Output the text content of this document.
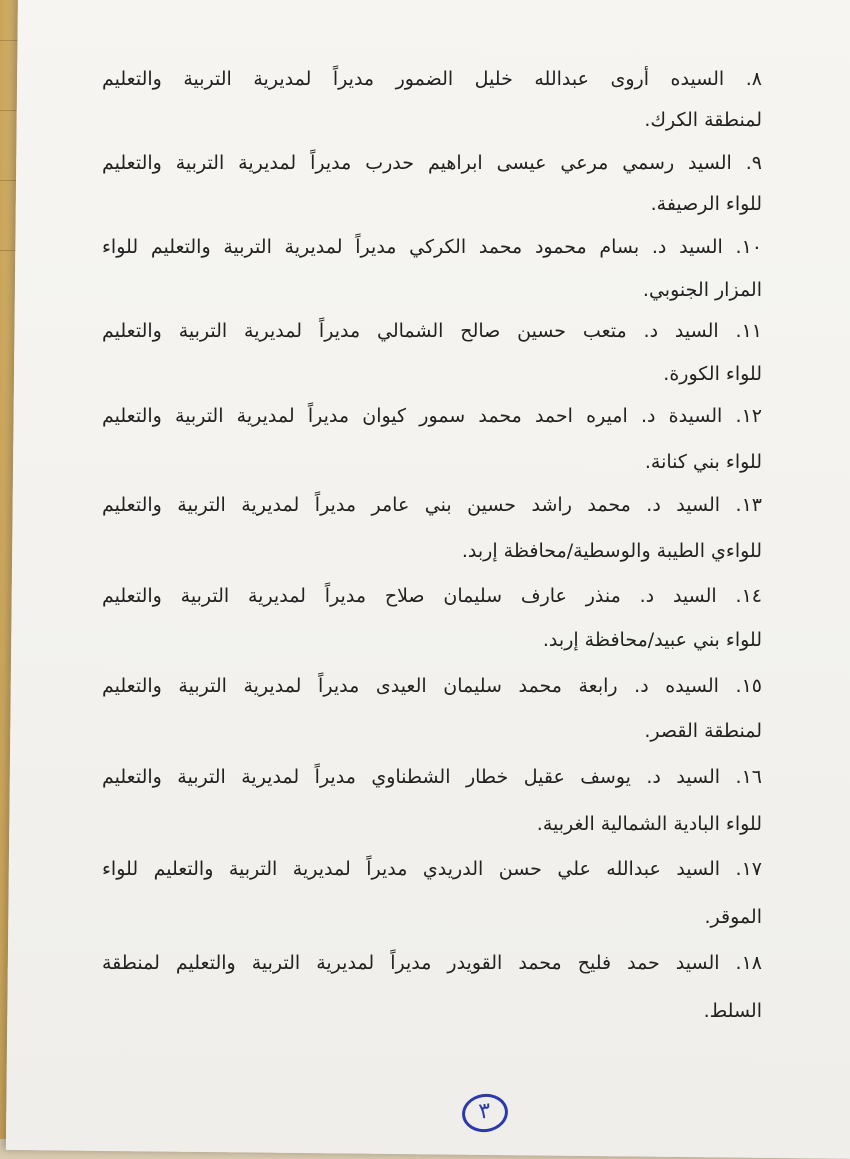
٨. السيده أروى عبدالله خليل الضمور مديراً لمديرية التربية والتعليم
لمنطقة الكرك.
٩. السيد رسمي مرعي عيسى ابراهيم حدرب مديراً لمديرية التربية والتعليم
للواء الرصيفة.
١٠. السيد د. بسام محمود محمد الكركي مديراً لمديرية التربية والتعليم للواء
المزار الجنوبي.
١١. السيد د. متعب حسين صالح الشمالي مديراً لمديرية التربية والتعليم
للواء الكورة.
١٢. السيدة د. اميره احمد محمد سمور كيوان مديراً لمديرية التربية والتعليم
للواء بني كنانة.
١٣. السيد د. محمد راشد حسين بني عامر مديراً لمديرية التربية والتعليم
للواءي الطيبة والوسطية/محافظة إربد.
١٤. السيد د. منذر عارف سليمان صلاح مديراً لمديرية التربية والتعليم
للواء بني عبيد/محافظة إربد.
١٥. السيده د. رابعة محمد سليمان العيدى مديراً لمديرية التربية والتعليم
لمنطقة القصر.
١٦. السيد د. يوسف عقيل خطار الشطناوي مديراً لمديرية التربية والتعليم
للواء البادية الشمالية الغربية.
١٧. السيد عبدالله علي حسن الدريدي مديراً لمديرية التربية والتعليم للواء
الموقر.
١٨. السيد حمد فليح محمد القويدر مديراً لمديرية التربية والتعليم لمنطقة
السلط.
٣
